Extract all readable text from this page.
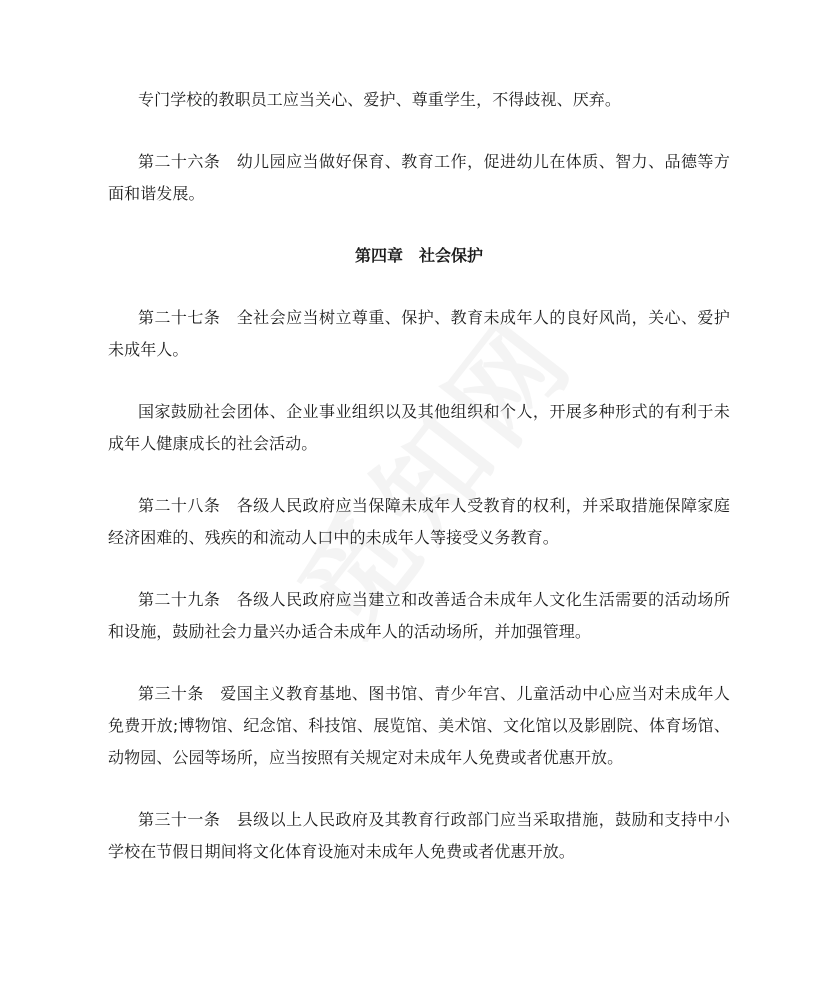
专门学校的教职员工应当关心、爱护、尊重学生，不得歧视、厌弃。

第二十六条　幼儿园应当做好保育、教育工作，促进幼儿在体质、智力、品德等方面和谐发展。

第四章　社会保护

第二十七条　全社会应当树立尊重、保护、教育未成年人的良好风尚，关心、爱护未成年人。

国家鼓励社会团体、企业事业组织以及其他组织和个人，开展多种形式的有利于未成年人健康成长的社会活动。

第二十八条　各级人民政府应当保障未成年人受教育的权利，并采取措施保障家庭经济困难的、残疾的和流动人口中的未成年人等接受义务教育。

第二十九条　各级人民政府应当建立和改善适合未成年人文化生活需要的活动场所和设施，鼓励社会力量兴办适合未成年人的活动场所，并加强管理。

第三十条　爱国主义教育基地、图书馆、青少年宫、儿童活动中心应当对未成年人免费开放;博物馆、纪念馆、科技馆、展览馆、美术馆、文化馆以及影剧院、体育场馆、动物园、公园等场所，应当按照有关规定对未成年人免费或者优惠开放。

第三十一条　县级以上人民政府及其教育行政部门应当采取措施，鼓励和支持中小学校在节假日期间将文化体育设施对未成年人免费或者优惠开放。
